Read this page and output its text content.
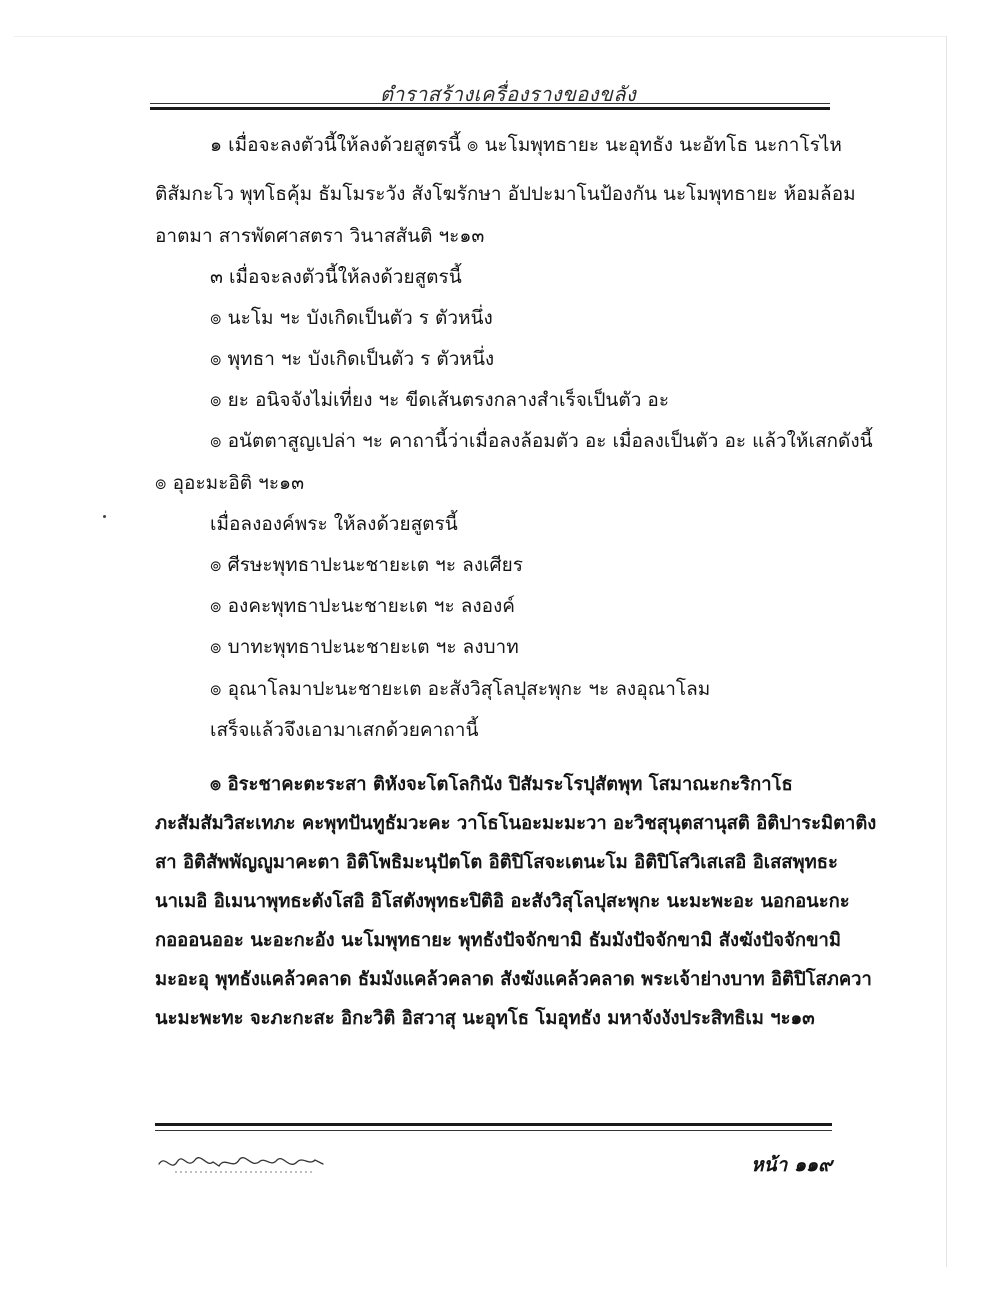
ตำราสร้างเครื่องรางของขลัง
๑ เมื่อจะลงตัวนี้ให้ลงด้วยสูตรนี้ ๏ นะโมพุทธายะ นะอุทธัง นะอัทโธ นะกาโรไห
ติสัมกะโว พุทโธคุ้ม ธัมโมระวัง สังโฆรักษา อัปปะมาโนป้องกัน นะโมพุทธายะ ห้อมล้อม
อาตมา สารพัดศาสตรา วินาสสันติ ฯะ๑๓
๓ เมื่อจะลงตัวนี้ให้ลงด้วยสูตรนี้
๏ นะโม ฯะ บังเกิดเป็นตัว ร ตัวหนึ่ง
๏ พุทธา ฯะ บังเกิดเป็นตัว ร ตัวหนึ่ง
๏ ยะ อนิจจังไม่เที่ยง ฯะ ขีดเส้นตรงกลางสำเร็จเป็นตัว อะ
๏ อนัตตาสูญเปล่า ฯะ คาถานี้ว่าเมื่อลงล้อมตัว อะ เมื่อลงเป็นตัว อะ แล้วให้เสกดังนี้
๏ อุอะมะอิติ ฯะ๑๓
เมื่อลงองค์พระ ให้ลงด้วยสูตรนี้
๏ ศีรษะพุทธาปะนะชายะเต ฯะ ลงเศียร
๏ องคะพุทธาปะนะชายะเต ฯะ ลงองค์
๏ บาทะพุทธาปะนะชายะเต ฯะ ลงบาท
๏ อุณาโลมาปะนะชายะเต อะสังวิสุโลปุสะพุกะ ฯะ ลงอุณาโลม
เสร็จแล้วจึงเอามาเสกด้วยคาถานี้
๏ อิระชาคะตะระสา ติหังจะโตโลกินัง ปิสัมระโรปุสัตพุท โสมาณะกะริกาโธ
ภะสัมสัมวิสะเทภะ คะพุทปันทูธัมวะคะ วาโธโนอะมะมะวา อะวิชสุนุตสานุสติ อิติปาระมิตาติง
สา อิติสัพพัญญูมาคะตา อิติโพธิมะนุปัตโต อิติปิโสจะเตนะโม อิติปิโสวิเสเสอิ อิเสสพุทธะ
นาเมอิ อิเมนาพุทธะตังโสอิ อิโสตังพุทธะปิติอิ อะสังวิสุโลปุสะพุกะ นะมะพะอะ นอกอนะกะ
กอออนออะ นะอะกะอัง นะโมพุทธายะ พุทธังปัจจักขามิ ธัมมังปัจจักขามิ สังฆังปัจจักขามิ
มะอะอุ พุทธังแคล้วคลาด ธัมมังแคล้วคลาด สังฆังแคล้วคลาด พระเจ้าย่างบาท อิติปิโสภควา
นะมะพะทะ จะภะกะสะ อิกะวิติ อิสวาสุ นะอุทโธ โมอุทธัง มหาจังงังประสิทธิเม ฯะ๑๓
หน้า ๑๑๙
